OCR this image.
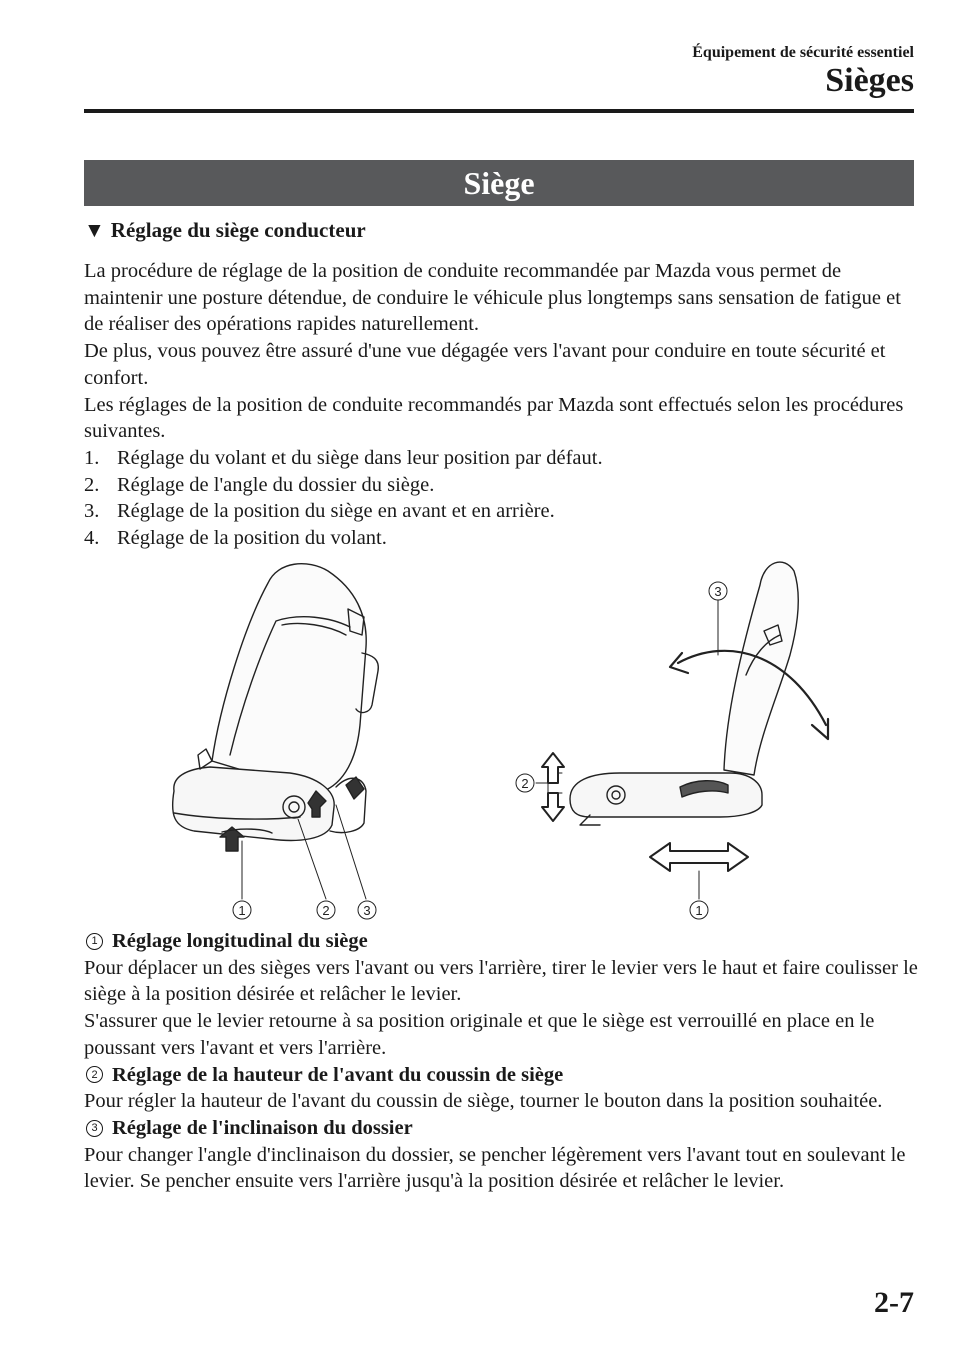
Équipement de sécurité essentiel
Sièges
Siège
▼ Réglage du siège conducteur

La procédure de réglage de la position de conduite recommandée par Mazda vous permet de maintenir une posture détendue, de conduire le véhicule plus longtemps sans sensation de fatigue et de réaliser des opérations rapides naturellement.

De plus, vous pouvez être assuré d'une vue dégagée vers l'avant pour conduire en toute sécurité et confort.

Les réglages de la position de conduite recommandés par Mazda sont effectués selon les procédures suivantes.

1. Réglage du volant et du siège dans leur position par défaut.
2. Réglage de l'angle du dossier du siège.
3. Réglage de la position du siège en avant et en arrière.
4. Réglage de la position du volant.
1	2	3	1
2
3

1 Réglage longitudinal du siège

Pour déplacer un des sièges vers l'avant ou vers l'arrière, tirer le levier vers le haut et faire coulisser le siège à la position désirée et relâcher le levier.

S'assurer que le levier retourne à sa position originale et que le siège est verrouillé en place en le poussant vers l'avant et vers l'arrière.

2 Réglage de la hauteur de l'avant du coussin de siège

Pour régler la hauteur de l'avant du coussin de siège, tourner le bouton dans la position souhaitée.

3 Réglage de l'inclinaison du dossier

Pour changer l'angle d'inclinaison du dossier, se pencher légèrement vers l'avant tout en soulevant le levier. Se pencher ensuite vers l'arrière jusqu'à la position désirée et relâcher le levier.

2-7
